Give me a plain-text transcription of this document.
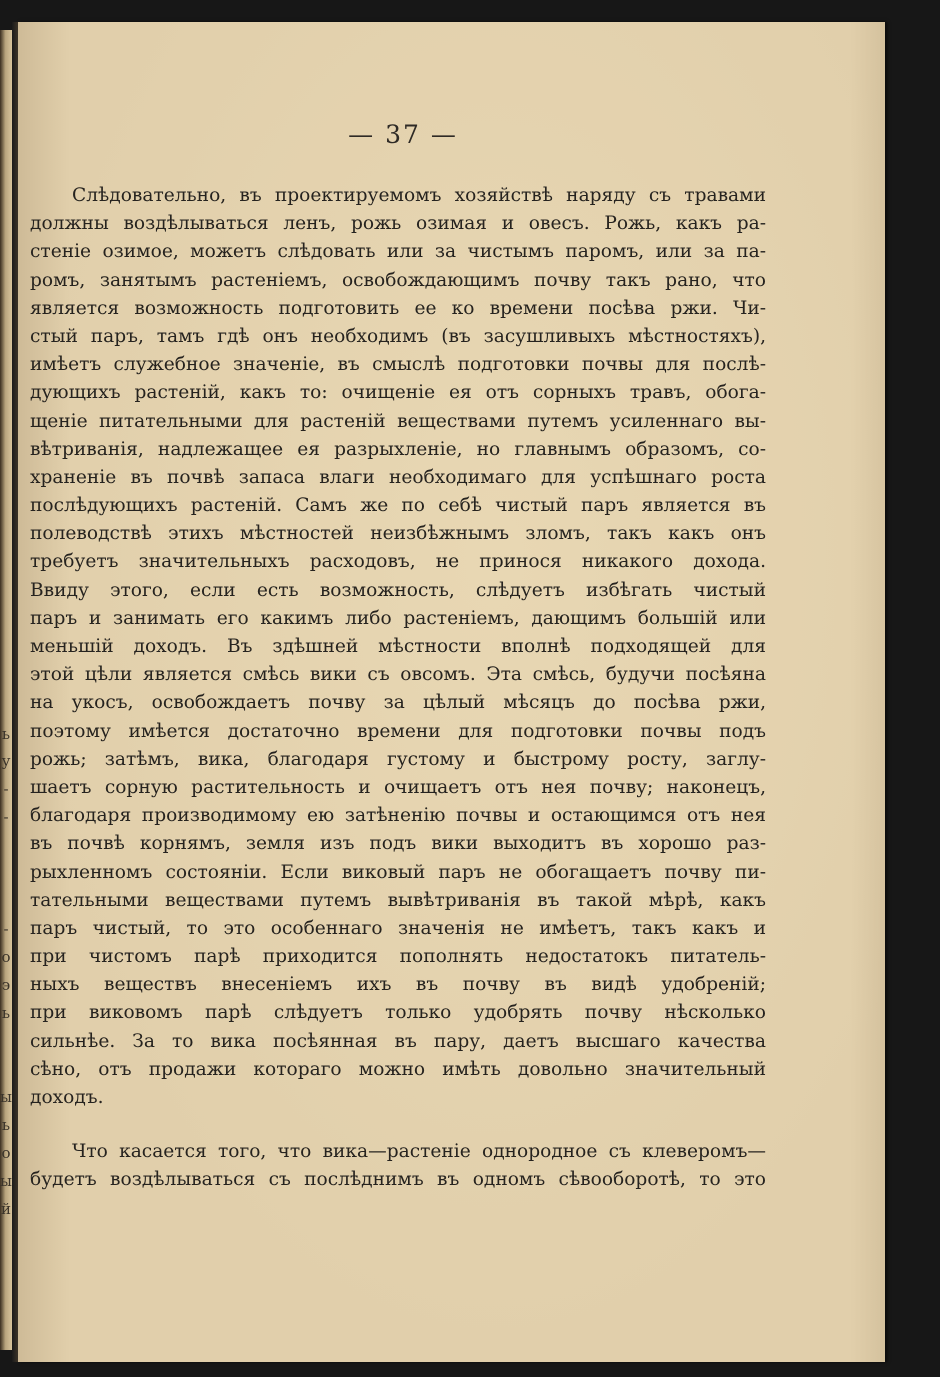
ь
у
-
-
-
о
э
ь
ы
ь
о
ы
й
— 37 —
Слѣдовательно, въ проектируемомъ хозяйствѣ наряду съ травами
должны воздѣлываться ленъ, рожь озимая и овесъ. Рожь, какъ ра-
стеніе озимое, можетъ слѣдовать или за чистымъ паромъ, или за па-
ромъ, занятымъ растеніемъ, освобождающимъ почву такъ рано, что
является возможность подготовить ее ко времени посѣва ржи. Чи-
стый паръ, тамъ гдѣ онъ необходимъ (въ засушливыхъ мѣстностяхъ),
имѣетъ служебное значеніе, въ смыслѣ подготовки почвы для послѣ-
дующихъ растеній, какъ то: очищеніе ея отъ сорныхъ травъ, обога-
щеніе питательными для растеній веществами путемъ усиленнаго вы-
вѣтриванія, надлежащее ея разрыхленіе, но главнымъ образомъ, со-
храненіе въ почвѣ запаса влаги необходимаго для успѣшнаго роста
послѣдующихъ растеній. Самъ же по себѣ чистый паръ является въ
полеводствѣ этихъ мѣстностей неизбѣжнымъ зломъ, такъ какъ онъ
требуетъ значительныхъ расходовъ, не принося никакого дохода.
Ввиду этого, если есть возможность, слѣдуетъ избѣгать чистый
паръ и занимать его какимъ либо растеніемъ, дающимъ большій или
меньшій доходъ. Въ здѣшней мѣстности вполнѣ подходящей для
этой цѣли является смѣсь вики съ овсомъ. Эта смѣсь, будучи посѣяна
на укосъ, освобождаетъ почву за цѣлый мѣсяцъ до посѣва ржи,
поэтому имѣется достаточно времени для подготовки почвы подъ
рожь; затѣмъ, вика, благодаря густому и быстрому росту, заглу-
шаетъ сорную растительность и очищаетъ отъ нея почву; наконецъ,
благодаря производимому ею затѣненію почвы и остающимся отъ нея
въ почвѣ корнямъ, земля изъ подъ вики выходитъ въ хорошо раз-
рыхленномъ состояніи. Если виковый паръ не обогащаетъ почву пи-
тательными веществами путемъ вывѣтриванія въ такой мѣрѣ, какъ
паръ чистый, то это особеннаго значенія не имѣетъ, такъ какъ и
при чистомъ парѣ приходится пополнять недостатокъ питатель-
ныхъ веществъ внесеніемъ ихъ въ почву въ видѣ удобреній;
при виковомъ парѣ слѣдуетъ только удобрять почву нѣсколько
сильнѣе. За то вика посѣянная въ пару, даетъ высшаго качества
сѣно, отъ продажи котораго можно имѣть довольно значительный
доходъ.
Что касается того, что вика—растеніе однородное съ клеверомъ—
будетъ воздѣлываться съ послѣднимъ въ одномъ сѣвооборотѣ, то это
